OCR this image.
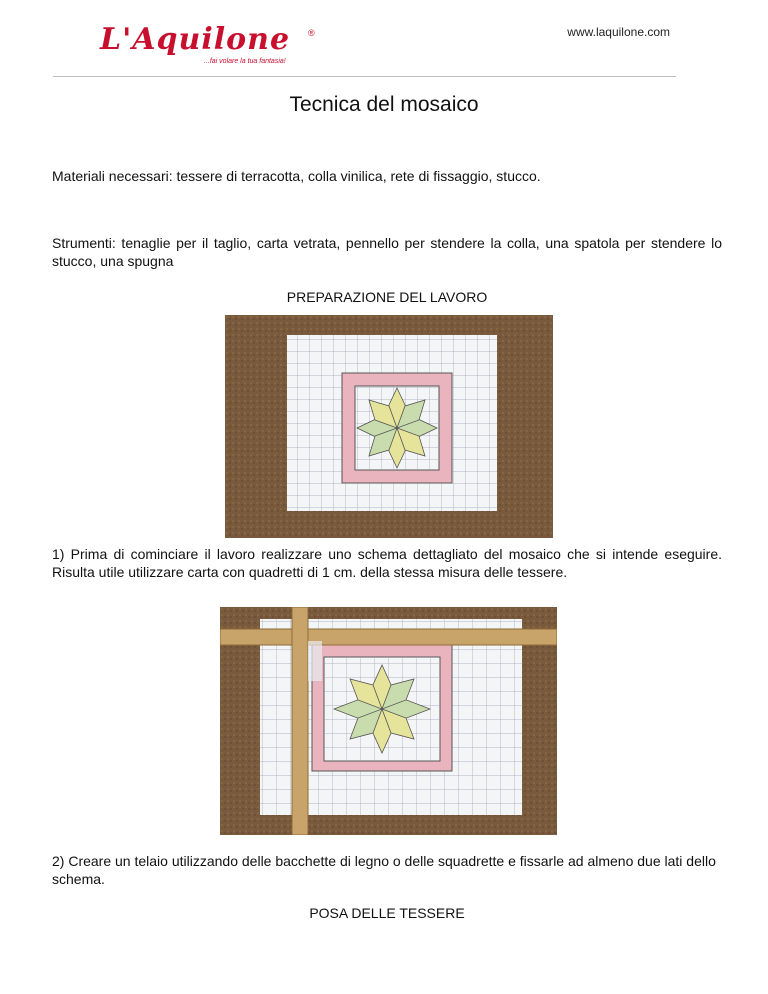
L'Aquilone ®
...fai volare la tua fantasia!
www.laquilone.com
Tecnica del mosaico
Materiali necessari: tessere di terracotta, colla vinilica, rete di fissaggio, stucco.
Strumenti: tenaglie per il taglio, carta vetrata, pennello per stendere la colla, una spatola per stendere lo stucco, una spugna
PREPARAZIONE DEL LAVORO
1) Prima di cominciare il lavoro realizzare uno schema dettagliato del mosaico che si intende eseguire. Risulta utile utilizzare carta con quadretti di 1 cm. della stessa misura delle tessere.
2) Creare un telaio utilizzando delle bacchette di legno o delle squadrette e fissarle ad almeno due lati dello schema.
POSA DELLE TESSERE
